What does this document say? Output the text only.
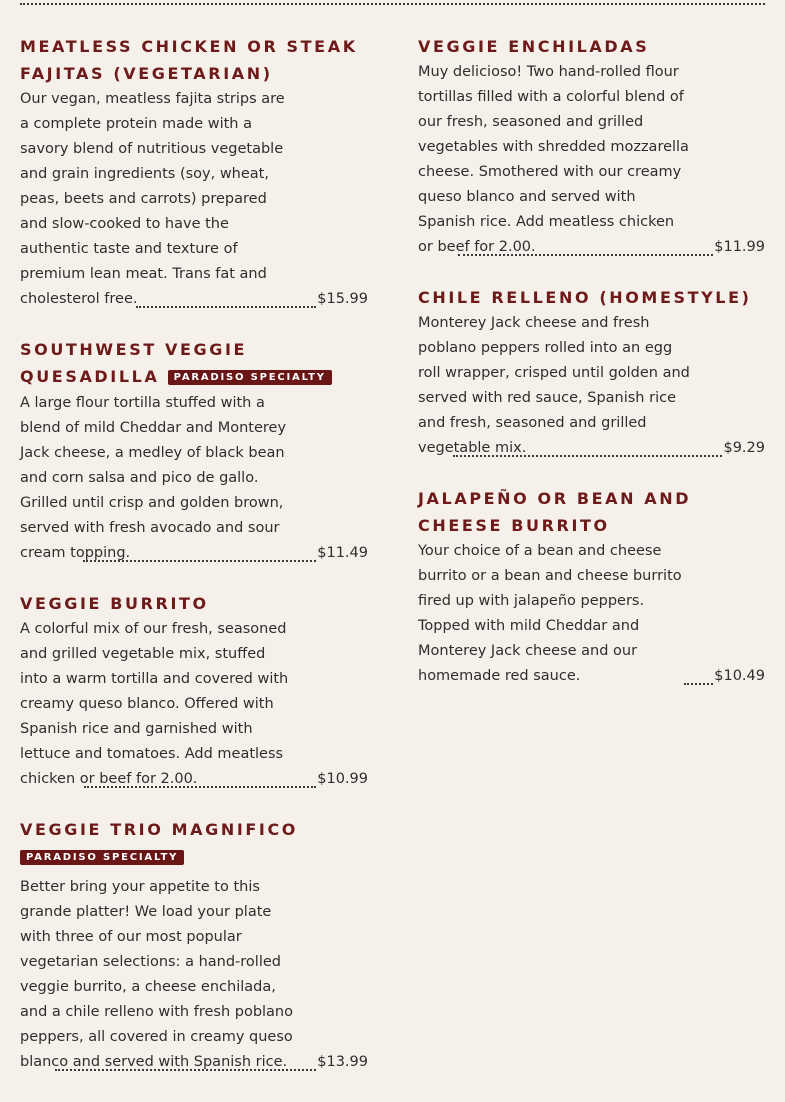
MEATLESS CHICKEN OR STEAK FAJITAS (VEGETARIAN)

Our vegan, meatless fajita strips are a complete protein made with a savory blend of nutritious vegetable and grain ingredients (soy, wheat, peas, beets and carrots) prepared and slow-cooked to have the authentic taste and texture of premium lean meat. Trans fat and cholesterol free.	$15.99
SOUTHWEST VEGGIE QUESADILLA PARADISO SPECIALTY

A large flour tortilla stuffed with a blend of mild Cheddar and Monterey Jack cheese, a medley of black bean and corn salsa and pico de gallo. Grilled until crisp and golden brown, served with fresh avocado and sour cream topping.	$11.49
VEGGIE BURRITO

A colorful mix of our fresh, seasoned and grilled vegetable mix, stuffed into a warm tortilla and covered with creamy queso blanco. Offered with Spanish rice and garnished with lettuce and tomatoes. Add meatless chicken or beef for 2.00.	$10.99
VEGGIE TRIO MAGNIFICO PARADISO SPECIALTY

Better bring your appetite to this grande platter! We load your plate with three of our most popular vegetarian selections: a hand-rolled veggie burrito, a cheese enchilada, and a chile relleno with fresh poblano peppers, all covered in creamy queso blanco and served with Spanish rice.	$13.99
VEGGIE ENCHILADAS

Muy delicioso! Two hand-rolled flour tortillas filled with a colorful blend of our fresh, seasoned and grilled vegetables with shredded mozzarella cheese. Smothered with our creamy queso blanco and served with Spanish rice. Add meatless chicken or beef for 2.00.	$11.99
CHILE RELLENO (HOMESTYLE)

Monterey Jack cheese and fresh poblano peppers rolled into an egg roll wrapper, crisped until golden and served with red sauce, Spanish rice and fresh, seasoned and grilled vegetable mix.	$9.29
JALAPEÑO OR BEAN AND CHEESE BURRITO

Your choice of a bean and cheese burrito or a bean and cheese burrito fired up with jalapeño peppers. Topped with mild Cheddar and Monterey Jack cheese and our homemade red sauce.	$10.49
